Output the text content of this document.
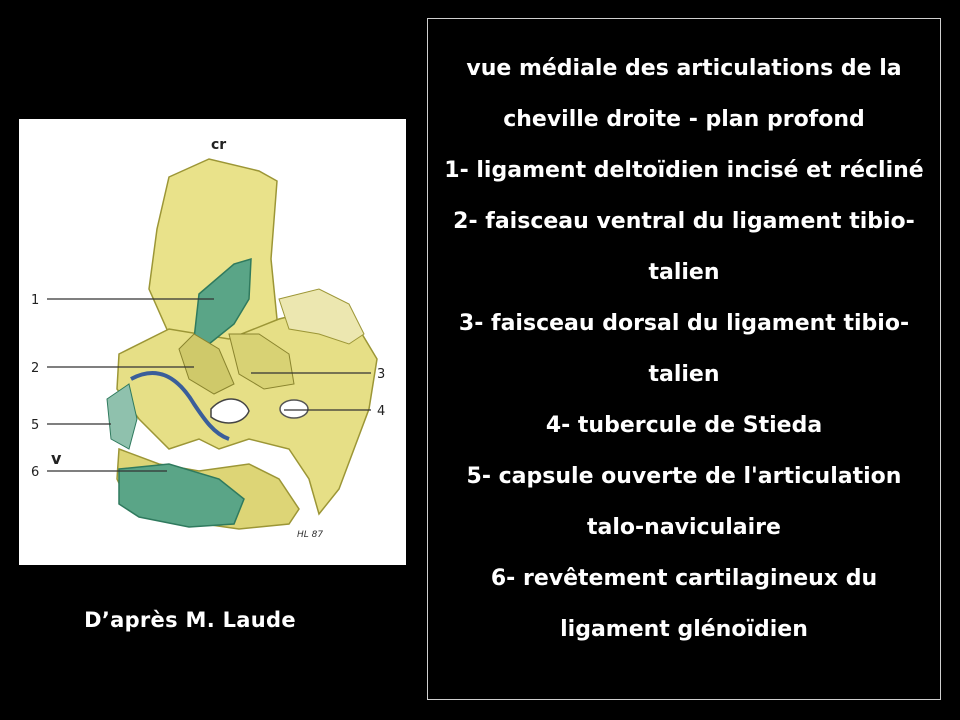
cr
v
1
2	3
4
5
6
HL 87
D’après M. Laude

vue médiale des articulations de la cheville droite - plan profond

1- ligament deltoïdien incisé et récliné

2- faisceau ventral du ligament tibio-talien

3- faisceau dorsal du ligament tibio-talien

4- tubercule de Stieda

5- capsule ouverte de l'articulation talo-naviculaire

6- revêtement cartilagineux du ligament glénoïdien
